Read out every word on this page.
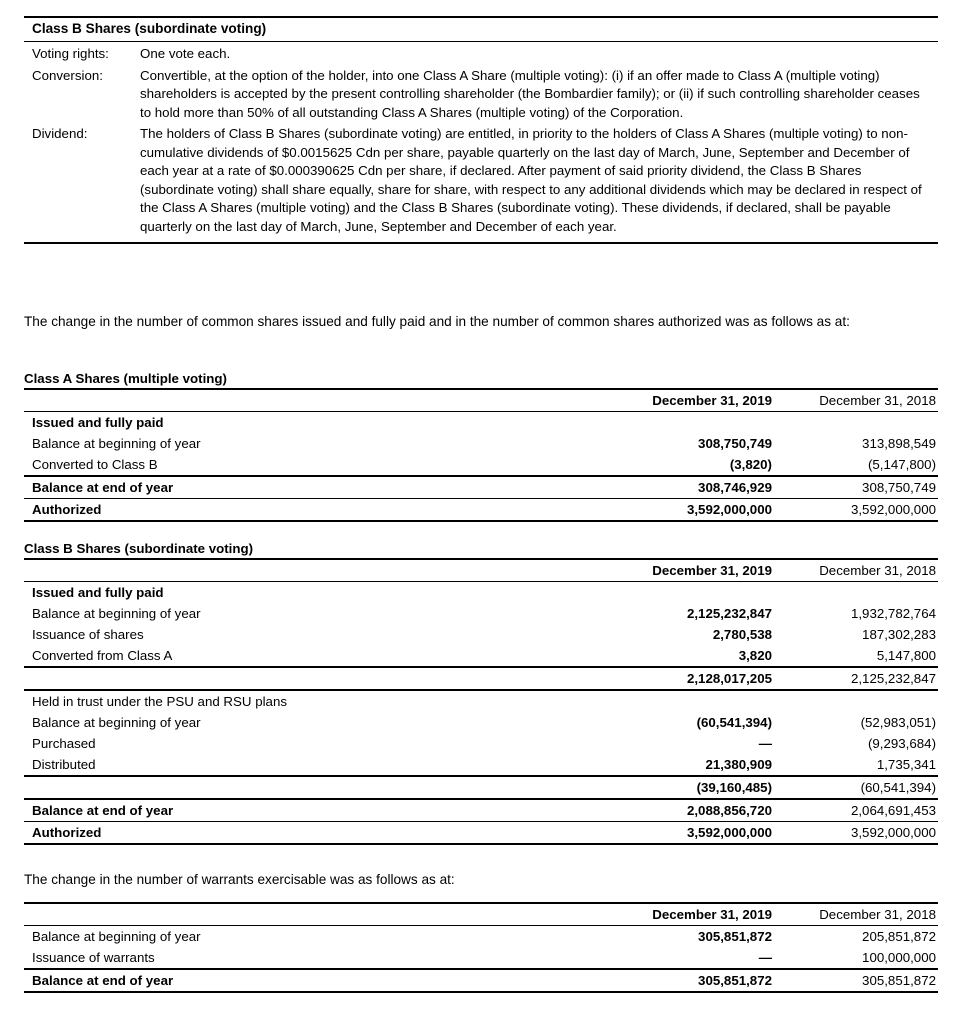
Class B Shares (subordinate voting)
Voting rights:	One vote each.
Conversion:	Convertible, at the option of the holder, into one Class A Share (multiple voting): (i) if an offer made to Class A (multiple voting) shareholders is accepted by the present controlling shareholder (the Bombardier family); or (ii) if such controlling shareholder ceases to hold more than 50% of all outstanding Class A Shares (multiple voting) of the Corporation.
Dividend:	The holders of Class B Shares (subordinate voting) are entitled, in priority to the holders of Class A Shares (multiple voting) to non-cumulative dividends of $0.0015625 Cdn per share, payable quarterly on the last day of March, June, September and December of each year at a rate of $0.000390625 Cdn per share, if declared. After payment of said priority dividend, the Class B Shares (subordinate voting) shall share equally, share for share, with respect to any additional dividends which may be declared in respect of the Class A Shares (multiple voting) and the Class B Shares (subordinate voting). These dividends, if declared, shall be payable quarterly on the last day of March, June, September and December of each year.
The change in the number of common shares issued and fully paid and in the number of common shares authorized was as follows as at:
Class A Shares (multiple voting)
	December 31, 2019	December 31, 2018
Issued and fully paid		
Balance at beginning of year	308,750,749	313,898,549
Converted to Class B	(3,820)	(5,147,800)
Balance at end of year	308,746,929	308,750,749
Authorized	3,592,000,000	3,592,000,000
Class B Shares (subordinate voting)
	December 31, 2019	December 31, 2018
Issued and fully paid		
Balance at beginning of year	2,125,232,847	1,932,782,764
Issuance of shares	2,780,538	187,302,283
Converted from Class A	3,820	5,147,800
	2,128,017,205	2,125,232,847
Held in trust under the PSU and RSU plans		
Balance at beginning of year	(60,541,394)	(52,983,051)
Purchased	—	(9,293,684)
Distributed	21,380,909	1,735,341
	(39,160,485)	(60,541,394)
Balance at end of year	2,088,856,720	2,064,691,453
Authorized	3,592,000,000	3,592,000,000
The change in the number of warrants exercisable was as follows as at:
	December 31, 2019	December 31, 2018
Balance at beginning of year	305,851,872	205,851,872
Issuance of warrants	—	100,000,000
Balance at end of year	305,851,872	305,851,872
